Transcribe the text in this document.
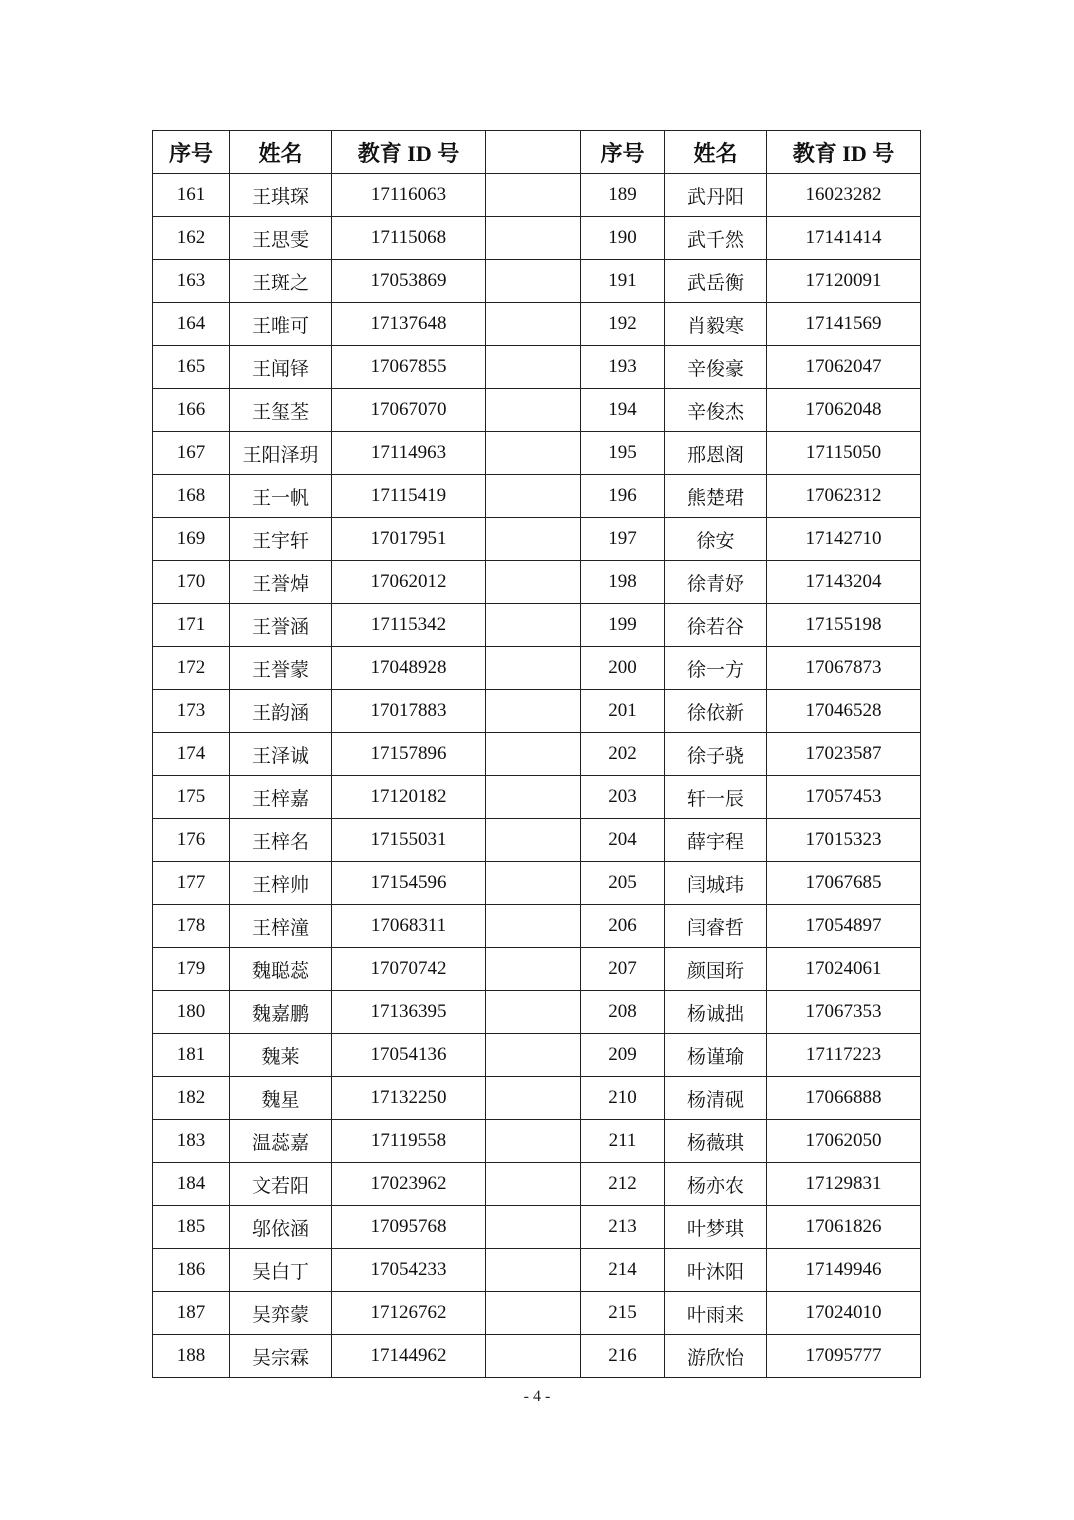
序号	姓名	教育 ID 号		序号	姓名	教育 ID 号
161	王琪琛	17116063		189	武丹阳	16023282
162	王思雯	17115068		190	武千然	17141414
163	王斑之	17053869		191	武岳衡	17120091
164	王唯可	17137648		192	肖毅寒	17141569
165	王闻铎	17067855		193	辛俊豪	17062047
166	王玺荃	17067070		194	辛俊杰	17062048
167	王阳泽玥	17114963		195	邢恩阁	17115050
168	王一帆	17115419		196	熊楚珺	17062312
169	王宇轩	17017951		197	徐安	17142710
170	王誉焯	17062012		198	徐青妤	17143204
171	王誉涵	17115342		199	徐若谷	17155198
172	王誉蒙	17048928		200	徐一方	17067873
173	王韵涵	17017883		201	徐依新	17046528
174	王泽诚	17157896		202	徐子骁	17023587
175	王梓嘉	17120182		203	轩一辰	17057453
176	王梓名	17155031		204	薛宇程	17015323
177	王梓帅	17154596		205	闫城玮	17067685
178	王梓潼	17068311		206	闫睿哲	17054897
179	魏聪蕊	17070742		207	颜国珩	17024061
180	魏嘉鹏	17136395		208	杨诚拙	17067353
181	魏莱	17054136		209	杨谨瑜	17117223
182	魏星	17132250		210	杨清砚	17066888
183	温蕊嘉	17119558		211	杨薇琪	17062050
184	文若阳	17023962		212	杨亦农	17129831
185	邬依涵	17095768		213	叶梦琪	17061826
186	吴白丁	17054233		214	叶沐阳	17149946
187	吴弈蒙	17126762		215	叶雨来	17024010
188	吴宗霖	17144962		216	游欣怡	17095777
- 4 -
